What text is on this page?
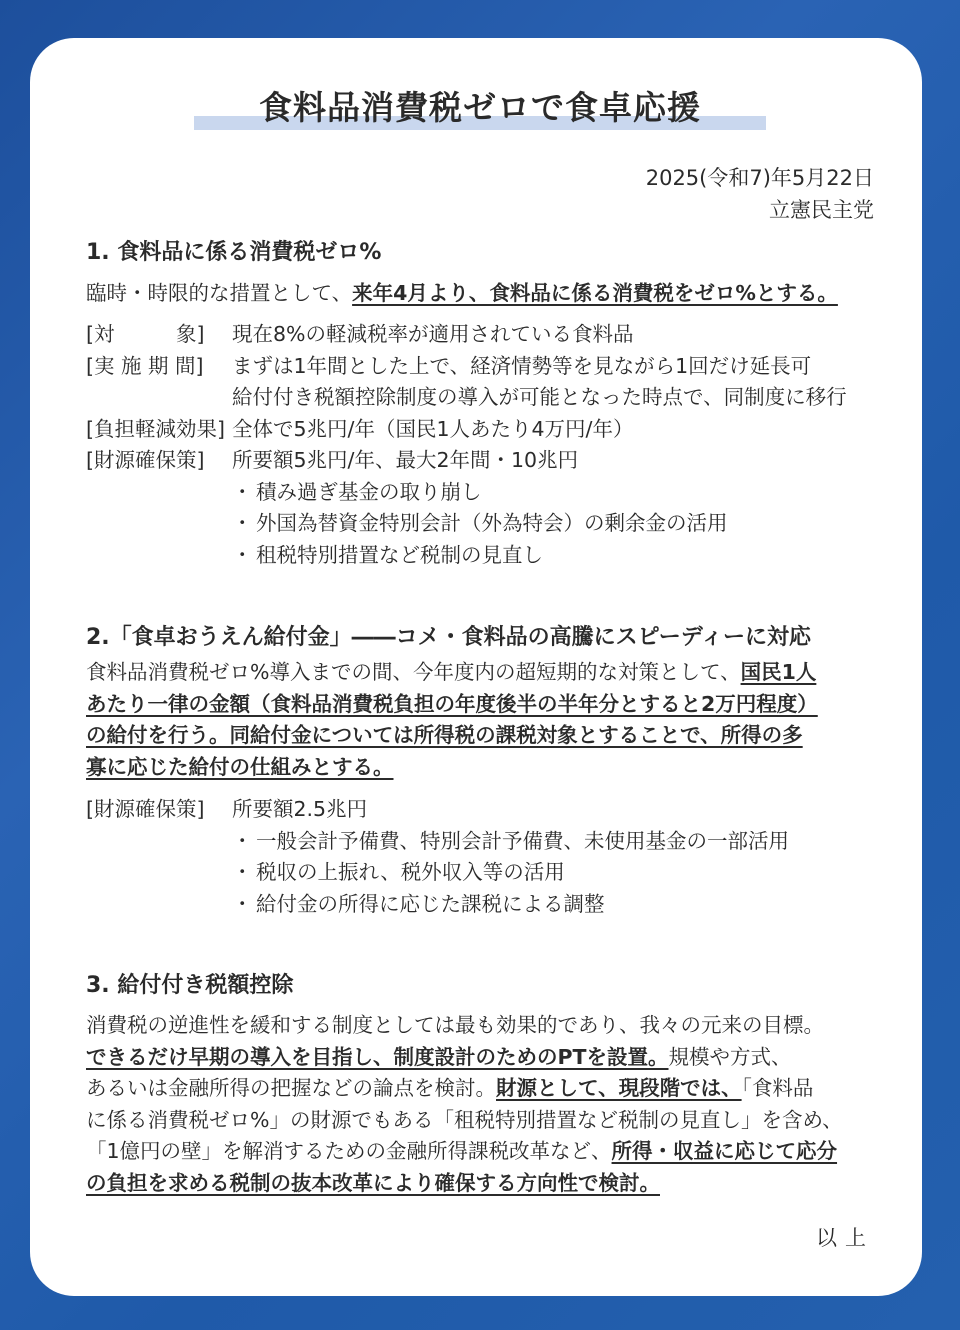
食料品消費税ゼロで食卓応援
2025(令和7)年5月22日
立憲民主党
1. 食料品に係る消費税ゼロ%
臨時・時限的な措置として、来年4月より、食料品に係る消費税をゼロ%とする。
[対　　　象] 現在8%の軽減税率が適用されている食料品
[実 施 期 間] まずは1年間とした上で、経済情勢等を見ながら1回だけ延長可
給付付き税額控除制度の導入が可能となった時点で、同制度に移行
[負担軽減効果] 全体で5兆円/年（国民1人あたり4万円/年）
[財源確保策] 所要額5兆円/年、最大2年間・10兆円
・ 積み過ぎ基金の取り崩し
・ 外国為替資金特別会計（外為特会）の剰余金の活用
・ 租税特別措置など税制の見直し
2.「食卓おうえん給付金」――コメ・食料品の高騰にスピーディーに対応
食料品消費税ゼロ%導入までの間、今年度内の超短期的な対策として、国民1人
あたり一律の金額（食料品消費税負担の年度後半の半年分とすると2万円程度）
の給付を行う。同給付金については所得税の課税対象とすることで、所得の多
寡に応じた給付の仕組みとする。
[財源確保策] 所要額2.5兆円
・ 一般会計予備費、特別会計予備費、未使用基金の一部活用
・ 税収の上振れ、税外収入等の活用
・ 給付金の所得に応じた課税による調整
3. 給付付き税額控除
消費税の逆進性を緩和する制度としては最も効果的であり、我々の元来の目標。
できるだけ早期の導入を目指し、制度設計のためのPTを設置。規模や方式、
あるいは金融所得の把握などの論点を検討。財源として、現段階では、「食料品
に係る消費税ゼロ%」の財源でもある「租税特別措置など税制の見直し」を含め、
「1億円の壁」を解消するための金融所得課税改革など、所得・収益に応じて応分
の負担を求める税制の抜本改革により確保する方向性で検討。
以上
